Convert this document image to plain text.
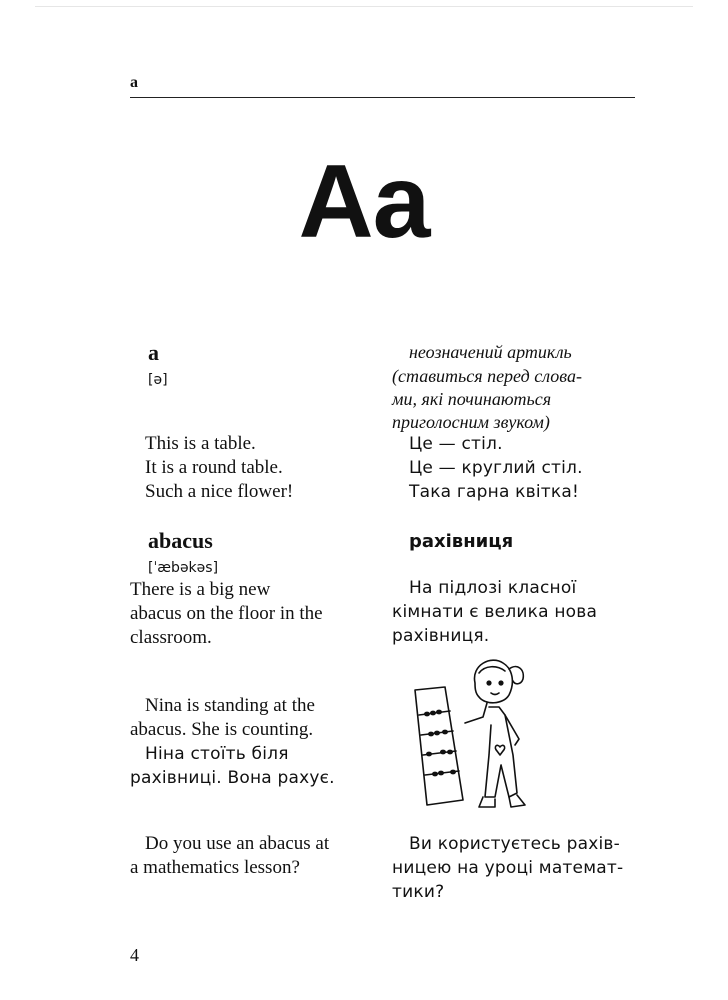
a
Aa
a
[ə]
неозначений артикль
(ставиться перед слова-
ми, які починаються
приголосним звуком)
This is a table.
It is a round table.
Such a nice flower!
Це — стіл.
Це — круглий стіл.
Така гарна квітка!
abacus
[ˈæbəkəs]
рахівниця
There is a big new
abacus on the floor in the
classroom.
На підлозі класної
кімнати є велика нова
рахівниця.
Nina is standing at the
abacus. She is counting.
Ніна стоїть біля
рахівниці. Вона рахує.
Do you use an abacus at
a mathematics lesson?
Ви користуєтесь рахів-
ницею на уроці математ-
тики?
4
